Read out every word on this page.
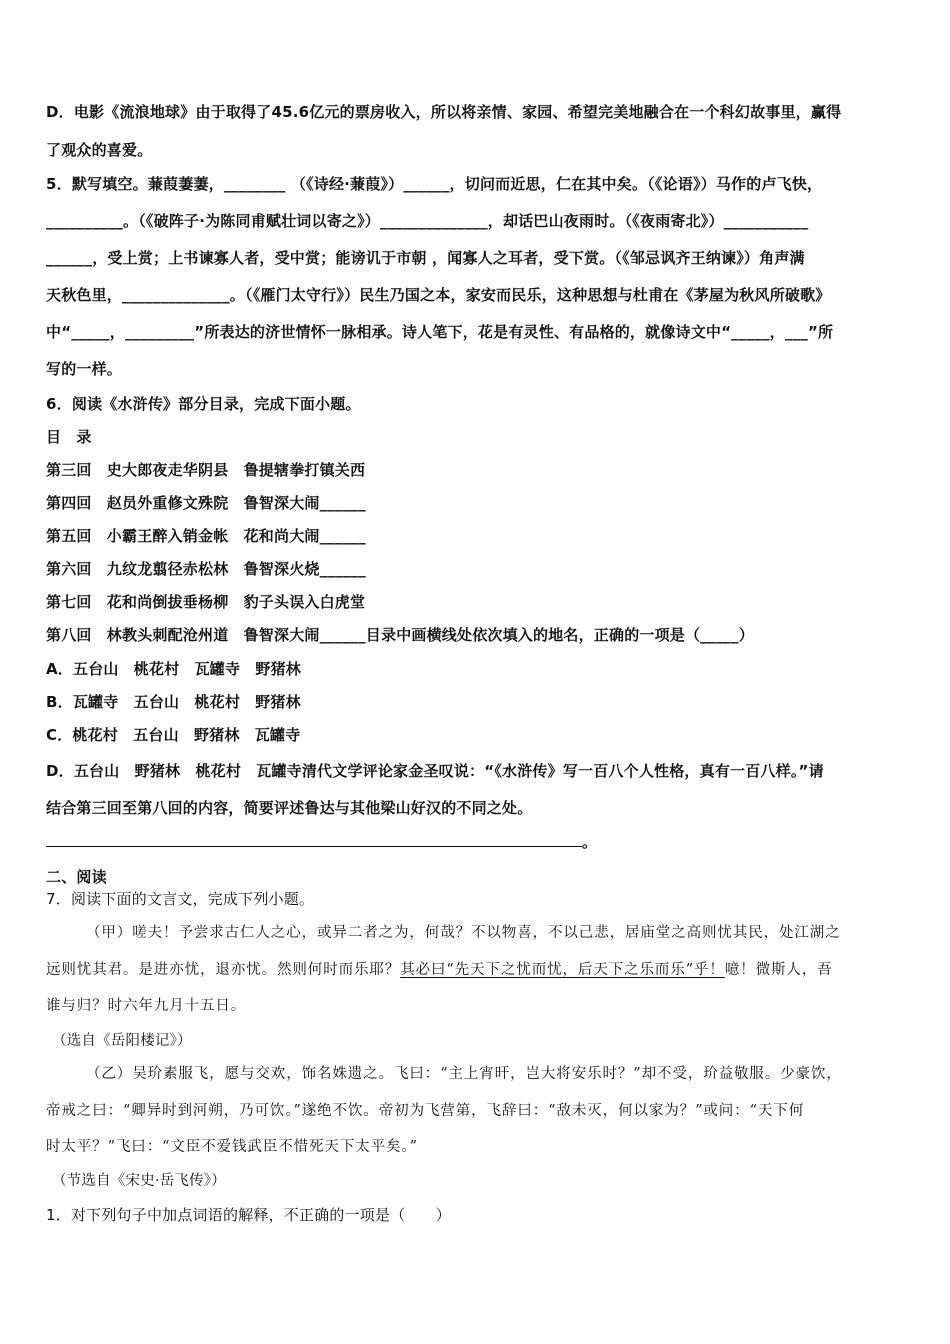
D．电影《流浪地球》由于取得了45.6亿元的票房收入，所以将亲情、家园、希望完美地融合在一个科幻故事里，赢得
了观众的喜爱。
5．默写填空。蒹葭萋萋，________ （《诗经·蒹葭》）______，切问而近思，仁在其中矣。（《论语》）马作的卢飞快，
__________。（《破阵子·为陈同甫赋壮词以寄之》）______________，却话巴山夜雨时。（《夜雨寄北》）___________
______，受上赏；上书谏寡人者，受中赏；能谤讥于市朝 ，闻寡人之耳者，受下赏。（《邹忌讽齐王纳谏》）角声满
天秋色里，______________。（《雁门太守行》）民生乃国之本，家安而民乐，这种思想与杜甫在《茅屋为秋风所破歌》
中“_____，_________”所表达的济世情怀一脉相承。诗人笔下，花是有灵性、有品格的，就像诗文中“_____，___”所
写的一样。
6．阅读《水浒传》部分目录，完成下面小题。
目　录
第三回　史大郎夜走华阴县　鲁提辖拳打镇关西
第四回　赵员外重修文殊院　鲁智深大闹______
第五回　小霸王醉入销金帐　花和尚大闹______
第六回　九纹龙翦径赤松林　鲁智深火烧______
第七回　花和尚倒拔垂杨柳　豹子头误入白虎堂
第八回　林教头刺配沧州道　鲁智深大闹______目录中画横线处依次填入的地名，正确的一项是（_____）
A．五台山　桃花村　瓦罐寺　野猪林
B．瓦罐寺　五台山　桃花村　野猪林
C．桃花村　五台山　野猪林　瓦罐寺
D．五台山　野猪林　桃花村　瓦罐寺清代文学评论家金圣叹说：“《水浒传》写一百八个人性格，真有一百八样。”请
结合第三回至第八回的内容，简要评述鲁达与其他梁山好汉的不同之处。
。
二、阅读
7．阅读下面的文言文，完成下列小题。
（甲）嗟夫！予尝求古仁人之心，或异二者之为，何哉？不以物喜，不以己悲，居庙堂之高则忧其民，处江湖之
远则忧其君。是进亦忧，退亦忧。然则何时而乐耶？其必曰“先天下之忧而忧，后天下之乐而乐”乎！噫！微斯人，吾
谁与归？时六年九月十五日。
（选自《岳阳楼记》）
（乙）吴玠素服飞，愿与交欢，饰名姝遗之。飞曰：“主上宵旰，岂大将安乐时？”却不受，玠益敬服。少豪饮，
帝戒之曰：“卿异时到河朔，乃可饮。”遂绝不饮。帝初为飞营第，飞辞曰：“敌未灭，何以家为？”或问：“天下何
时太平？”飞曰：“文臣不爱钱武臣不惜死天下太平矣。”
（节选自《宋史·岳飞传》）
1．对下列句子中加点词语的解释，不正确的一项是（　　）
